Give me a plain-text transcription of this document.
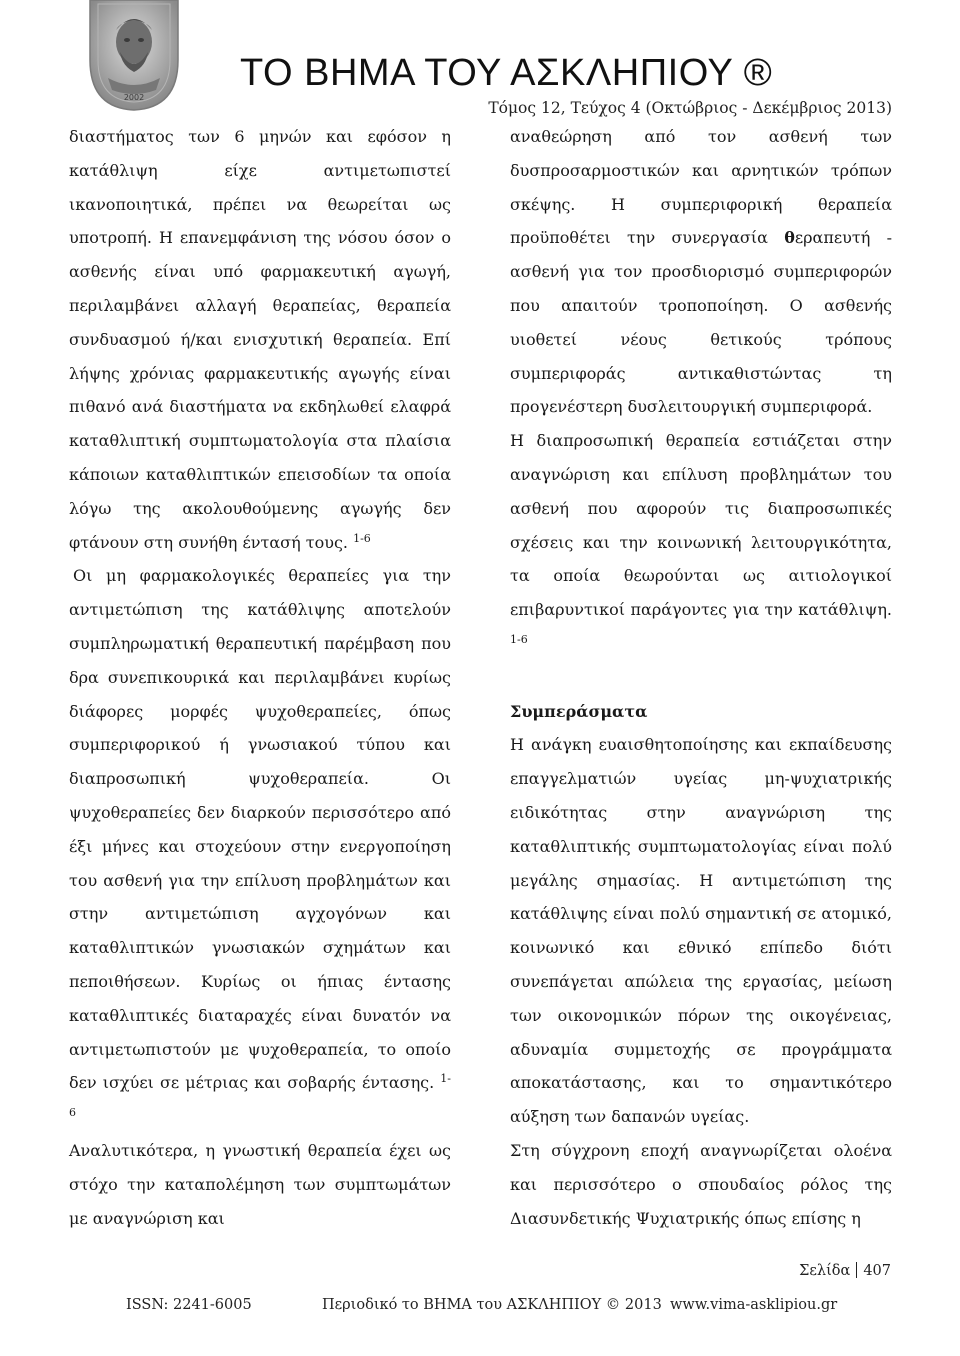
2002
ΤΟ ΒΗΜΑ ΤΟΥ ΑΣΚΛΗΠΙΟΥ ®
Τόμος 12, Τεύχος 4 (Οκτώβριος - Δεκέμβριος 2013)

διαστήματος των 6 μηνών και εφόσον η κατάθλιψη είχε αντιμετωπιστεί ικανοποιητικά, πρέπει να θεωρείται ως υποτροπή. Η επανεμφάνιση της νόσου όσον ο ασθενής είναι υπό φαρμακευτική αγωγή, περιλαμβάνει αλλαγή θεραπείας, θεραπεία συνδυασμού ή/και ενισχυτική θεραπεία. Επί λήψης χρόνιας φαρμακευτικής αγωγής είναι πιθανό ανά διαστήματα να εκδηλωθεί ελαφρά καταθλιπτική συμπτωματολογία στα πλαίσια κάποιων καταθλιπτικών επεισοδίων τα οποία λόγω της ακολουθούμενης αγωγής δεν φτάνουν στη συνήθη έντασή τους. $^{1-6}$

Οι μη φαρμακολογικές θεραπείες για την αντιμετώπιση της κατάθλιψης αποτελούν συμπληρωματική θεραπευτική παρέμβαση που δρα συνεπικουρικά και περιλαμβάνει κυρίως διάφορες μορφές ψυχοθεραπείες, όπως συμπεριφορικού ή γνωσιακού τύπου και διαπροσωπική ψυχοθεραπεία. Οι ψυχοθεραπείες δεν διαρκούν περισσότερο από έξι μήνες και στοχεύουν στην ενεργοποίηση του ασθενή για την επίλυση προβλημάτων και στην αντιμετώπιση αγχογόνων και καταθλιπτικών γνωσιακών σχημάτων και πεποιθήσεων. Κυρίως οι ήπιας έντασης καταθλιπτικές διαταραχές είναι δυνατόν να αντιμετωπιστούν με ψυχοθεραπεία, το οποίο δεν ισχύει σε μέτριας και σοβαρής έντασης. $^{1-6}$

Αναλυτικότερα, η γνωστική θεραπεία έχει ως στόχο την καταπολέμηση των συμπτωμάτων με αναγνώριση και

αναθεώρηση από τον ασθενή των δυσπροσαρμοστικών και αρνητικών τρόπων σκέψης. Η συμπεριφορική θεραπεία προϋποθέτει την συνεργασία θεραπευτή - ασθενή για τον προσδιορισμό συμπεριφορών που απαιτούν τροποποίηση. Ο ασθενής υιοθετεί νέους θετικούς τρόπους συμπεριφοράς αντικαθιστώντας τη προγενέστερη δυσλειτουργική συμπεριφορά.

Η διαπροσωπική θεραπεία εστιάζεται στην αναγνώριση και επίλυση προβλημάτων του ασθενή που αφορούν τις διαπροσωπικές σχέσεις και την κοινωνική λειτουργικότητα, τα οποία θεωρούνται ως αιτιολογικοί επιβαρυντικοί παράγοντες για την κατάθλιψη. $^{1-6}$

Συμπεράσματα

Η ανάγκη ευαισθητοποίησης και εκπαίδευσης επαγγελματιών υγείας μη-ψυχιατρικής ειδικότητας στην αναγνώριση της καταθλιπτικής συμπτωματολογίας είναι πολύ μεγάλης σημασίας. Η αντιμετώπιση της κατάθλιψης είναι πολύ σημαντική σε ατομικό, κοινωνικό και εθνικό επίπεδο διότι συνεπάγεται απώλεια της εργασίας, μείωση των οικονομικών πόρων της οικογένειας, αδυναμία συμμετοχής σε προγράμματα αποκατάστασης, και το σημαντικότερο αύξηση των δαπανών υγείας.

Στη σύγχρονη εποχή αναγνωρίζεται ολοένα και περισσότερο ο σπουδαίος ρόλος της Διασυνδετικής Ψυχιατρικής όπως επίσης η

Σελίδα 407
ISSN: 2241-6005	Περιοδικό το ΒΗΜΑ του ΑΣΚΛΗΠΙΟΥ © 2013 www.vima-asklipiou.gr
